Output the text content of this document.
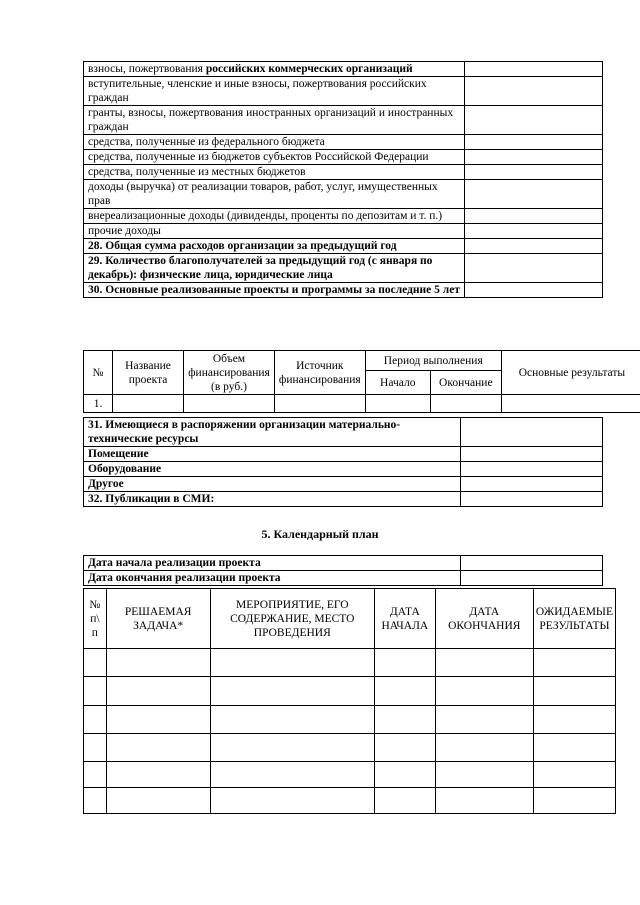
взносы, пожертвования российских коммерческих организаций	
вступительные, членские и иные взносы, пожертвования российских граждан	
гранты, взносы, пожертвования иностранных организаций и иностранных граждан	
средства, полученные из федерального бюджета	
средства, полученные из бюджетов субъектов Российской Федерации	
средства, полученные из местных бюджетов	
доходы (выручка) от реализации товаров, работ, услуг, имущественных прав	
внереализационные доходы (дивиденды, проценты по депозитам и т. п.)	
прочие доходы	
28. Общая сумма расходов организации за предыдущий год	
29. Количество благополучателей за предыдущий год (с января по декабрь): физические лица, юридические лица	
30. Основные реализованные проекты и программы за последние 5 лет	
№	Название проекта	Объем финансирования (в руб.)	Источник финансирования	Период выполнения		Основные результаты
				Начало	Окончание	
1.						
31. Имеющиеся в распоряжении организации материально-технические ресурсы	
Помещение	
Оборудование	
Другое	
32. Публикации в СМИ:	
5. Календарный план
Дата начала реализации проекта	
Дата окончания реализации проекта	
№ п\ п	РЕШАЕМАЯ ЗАДАЧА*	МЕРОПРИЯТИЕ, ЕГО СОДЕРЖАНИЕ, МЕСТО ПРОВЕДЕНИЯ	ДАТА НАЧАЛА	ДАТА ОКОНЧАНИЯ	ОЖИДАЕМЫЕ РЕЗУЛЬТАТЫ
